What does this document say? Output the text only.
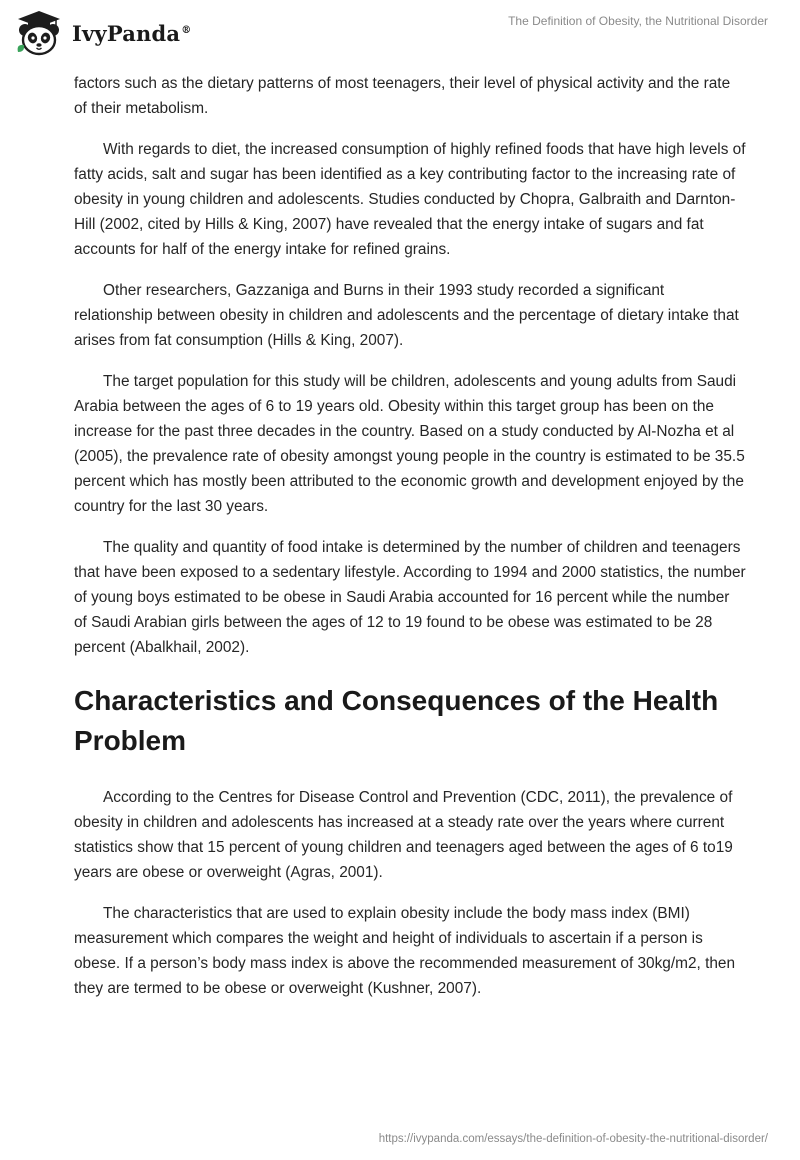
IvyPanda®
The Definition of Obesity, the Nutritional Disorder

factors such as the dietary patterns of most teenagers, their level of physical activity and the rate of their metabolism.

With regards to diet, the increased consumption of highly refined foods that have high levels of fatty acids, salt and sugar has been identified as a key contributing factor to the increasing rate of obesity in young children and adolescents. Studies conducted by Chopra, Galbraith and Darnton-Hill (2002, cited by Hills & King, 2007) have revealed that the energy intake of sugars and fat accounts for half of the energy intake for refined grains.

Other researchers, Gazzaniga and Burns in their 1993 study recorded a significant relationship between obesity in children and adolescents and the percentage of dietary intake that arises from fat consumption (Hills & King, 2007).

The target population for this study will be children, adolescents and young adults from Saudi Arabia between the ages of 6 to 19 years old. Obesity within this target group has been on the increase for the past three decades in the country. Based on a study conducted by Al-Nozha et al (2005), the prevalence rate of obesity amongst young people in the country is estimated to be 35.5 percent which has mostly been attributed to the economic growth and development enjoyed by the country for the last 30 years.

The quality and quantity of food intake is determined by the number of children and teenagers that have been exposed to a sedentary lifestyle. According to 1994 and 2000 statistics, the number of young boys estimated to be obese in Saudi Arabia accounted for 16 percent while the number of Saudi Arabian girls between the ages of 12 to 19 found to be obese was estimated to be 28 percent (Abalkhail, 2002).

Characteristics and Consequences of the Health Problem

According to the Centres for Disease Control and Prevention (CDC, 2011), the prevalence of obesity in children and adolescents has increased at a steady rate over the years where current statistics show that 15 percent of young children and teenagers aged between the ages of 6 to19 years are obese or overweight (Agras, 2001).

The characteristics that are used to explain obesity include the body mass index (BMI) measurement which compares the weight and height of individuals to ascertain if a person is obese. If a person’s body mass index is above the recommended measurement of 30kg/m2, then they are termed to be obese or overweight (Kushner, 2007).

https://ivypanda.com/essays/the-definition-of-obesity-the-nutritional-disorder/
